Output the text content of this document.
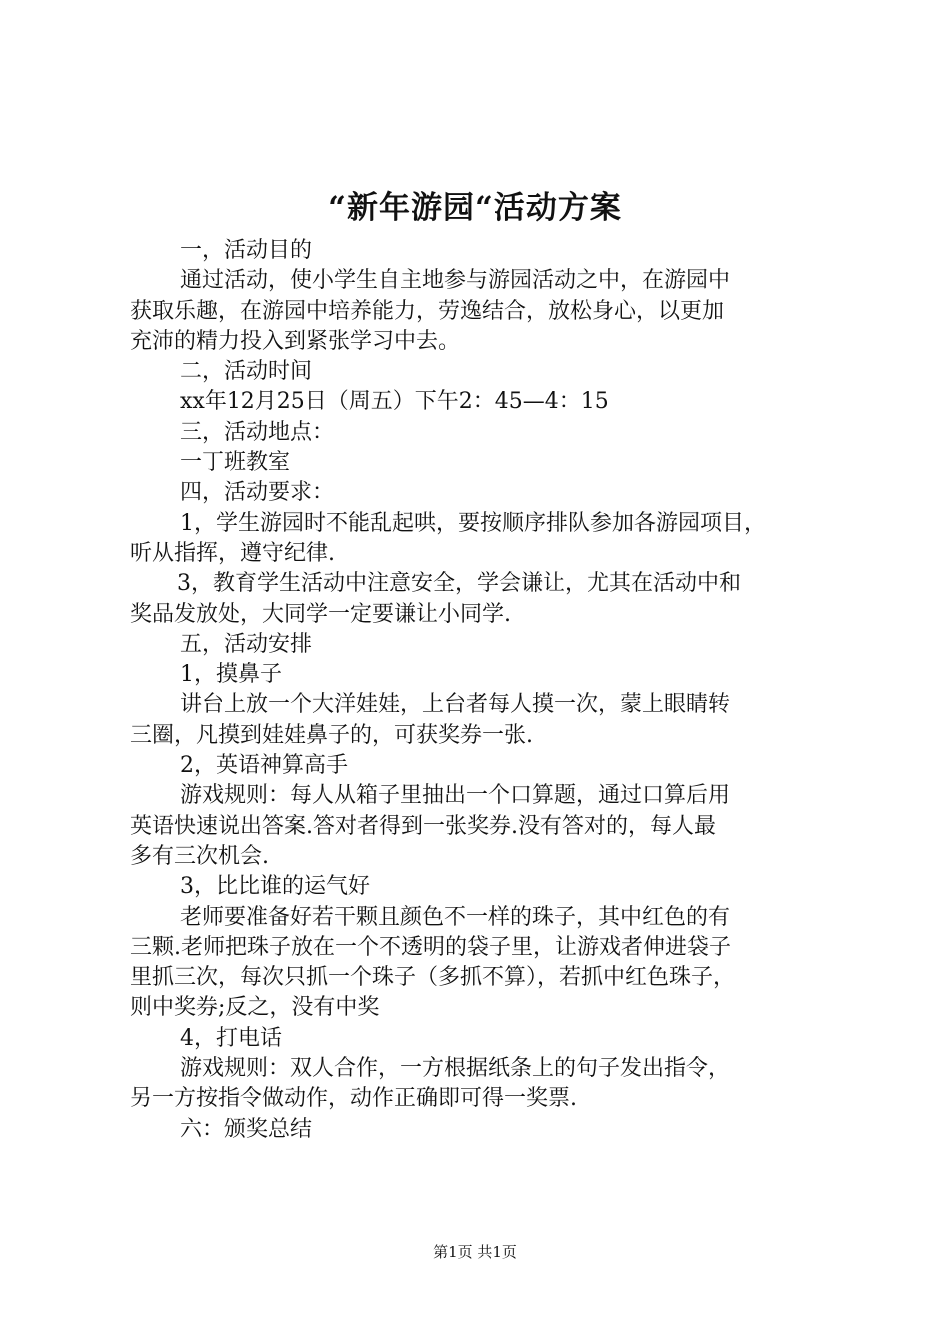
“新年游园“活动方案
一，活动目的
通过活动，使小学生自主地参与游园活动之中，在游园中
获取乐趣，在游园中培养能力，劳逸结合，放松身心，以更加
充沛的精力投入到紧张学习中去。
二，活动时间
xx年12月25日（周五）下午2：45—4：15
三，活动地点：
一丁班教室
四，活动要求：
1，学生游园时不能乱起哄，要按顺序排队参加各游园项目，
听从指挥，遵守纪律.
3，教育学生活动中注意安全，学会谦让，尤其在活动中和
奖品发放处，大同学一定要谦让小同学.
五，活动安排
1，摸鼻子
讲台上放一个大洋娃娃，上台者每人摸一次，蒙上眼睛转
三圈，凡摸到娃娃鼻子的，可获奖券一张.
2，英语神算高手
游戏规则：每人从箱子里抽出一个口算题，通过口算后用
英语快速说出答案.答对者得到一张奖券.没有答对的，每人最
多有三次机会.
3，比比谁的运气好
老师要准备好若干颗且颜色不一样的珠子，其中红色的有
三颗.老师把珠子放在一个不透明的袋子里，让游戏者伸进袋子
里抓三次，每次只抓一个珠子（多抓不算），若抓中红色珠子，
则中奖券;反之，没有中奖
4，打电话
游戏规则：双人合作，一方根据纸条上的句子发出指令，
另一方按指令做动作，动作正确即可得一奖票.
六：颁奖总结
第1页 共1页
